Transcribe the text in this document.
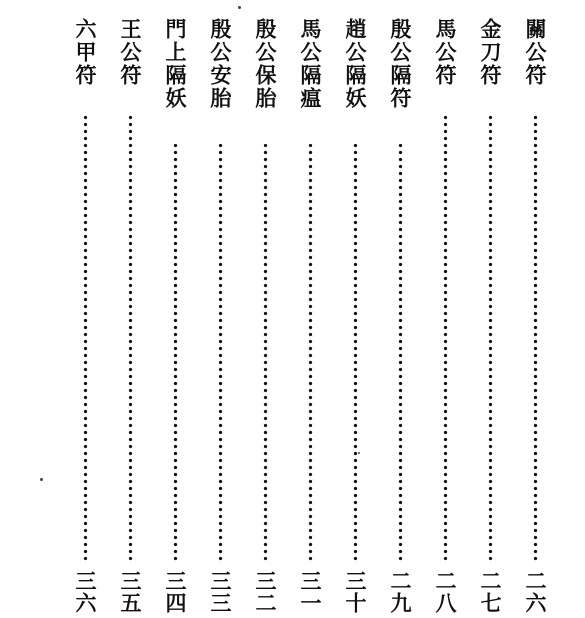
關公符
二六
金刀符
二七
馬公符
二八
殷公隔符
二九
趙公隔妖
三十
馬公隔瘟
三一
殷公保胎
三二
殷公安胎
三三
門上隔妖
三四
王公符
三五
六甲符
三六
